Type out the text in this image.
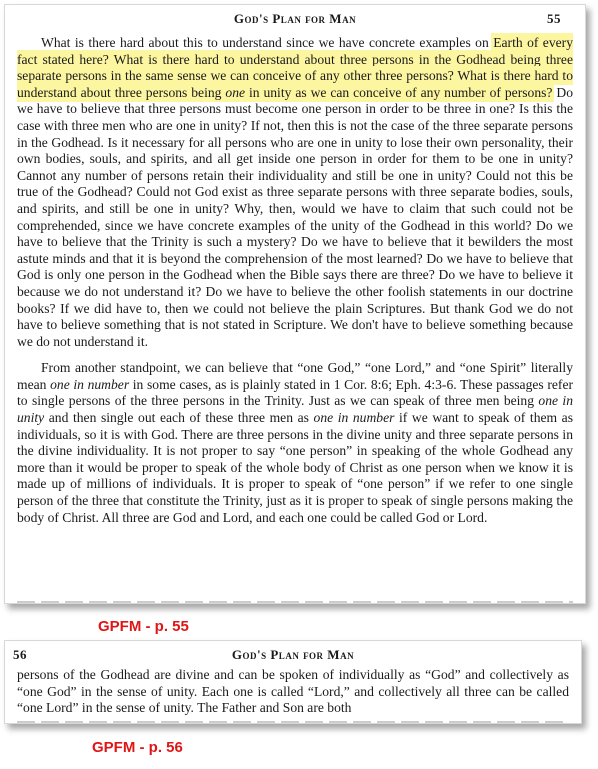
God's Plan for Man	55

What is there hard about this to understand since we have concrete examples on Earth of every fact stated here? What is there hard to understand about three persons in the Godhead being three separate persons in the same sense we can conceive of any other three persons? What is there hard to understand about three persons being one in unity as we can conceive of any number of persons? Do we have to believe that three persons must become one person in order to be three in one? Is this the case with three men who are one in unity? If not, then this is not the case of the three separate persons in the Godhead. Is it necessary for all persons who are one in unity to lose their own personality, their own bodies, souls, and spirits, and all get inside one person in order for them to be one in unity? Cannot any number of persons retain their individuality and still be one in unity? Could not this be true of the Godhead? Could not God exist as three separate persons with three separate bodies, souls, and spirits, and still be one in unity? Why, then, would we have to claim that such could not be comprehended, since we have concrete examples of the unity of the Godhead in this world? Do we have to believe that the Trinity is such a mystery? Do we have to believe that it bewilders the most astute minds and that it is beyond the comprehension of the most learned? Do we have to believe that God is only one person in the Godhead when the Bible says there are three? Do we have to believe it because we do not understand it? Do we have to believe the other foolish statements in our doctrine books? If we did have to, then we could not believe the plain Scriptures. But thank God we do not have to believe something that is not stated in Scripture. We don't have to believe something because we do not understand it.

From another standpoint, we can believe that “one God,” “one Lord,” and “one Spirit” literally mean one in number in some cases, as is plainly stated in 1 Cor. 8:6; Eph. 4:3-6. These passages refer to single persons of the three persons in the Trinity. Just as we can speak of three men being one in unity and then single out each of these three men as one in number if we want to speak of them as individuals, so it is with God. There are three persons in the divine unity and three separate persons in the divine individuality. It is not proper to say “one person” in speaking of the whole Godhead any more than it would be proper to speak of the whole body of Christ as one person when we know it is made up of millions of individuals. It is proper to speak of “one person” if we refer to one single person of the three that constitute the Trinity, just as it is proper to speak of single persons making the body of Christ. All three are God and Lord, and each one could be called God or Lord.

GPFM - p. 55
56	God's Plan for Man

persons of the Godhead are divine and can be spoken of individually as “God” and collectively as “one God” in the sense of unity. Each one is called “Lord,” and collectively all three can be called “one Lord” in the sense of unity. The Father and Son are both

GPFM - p. 56
